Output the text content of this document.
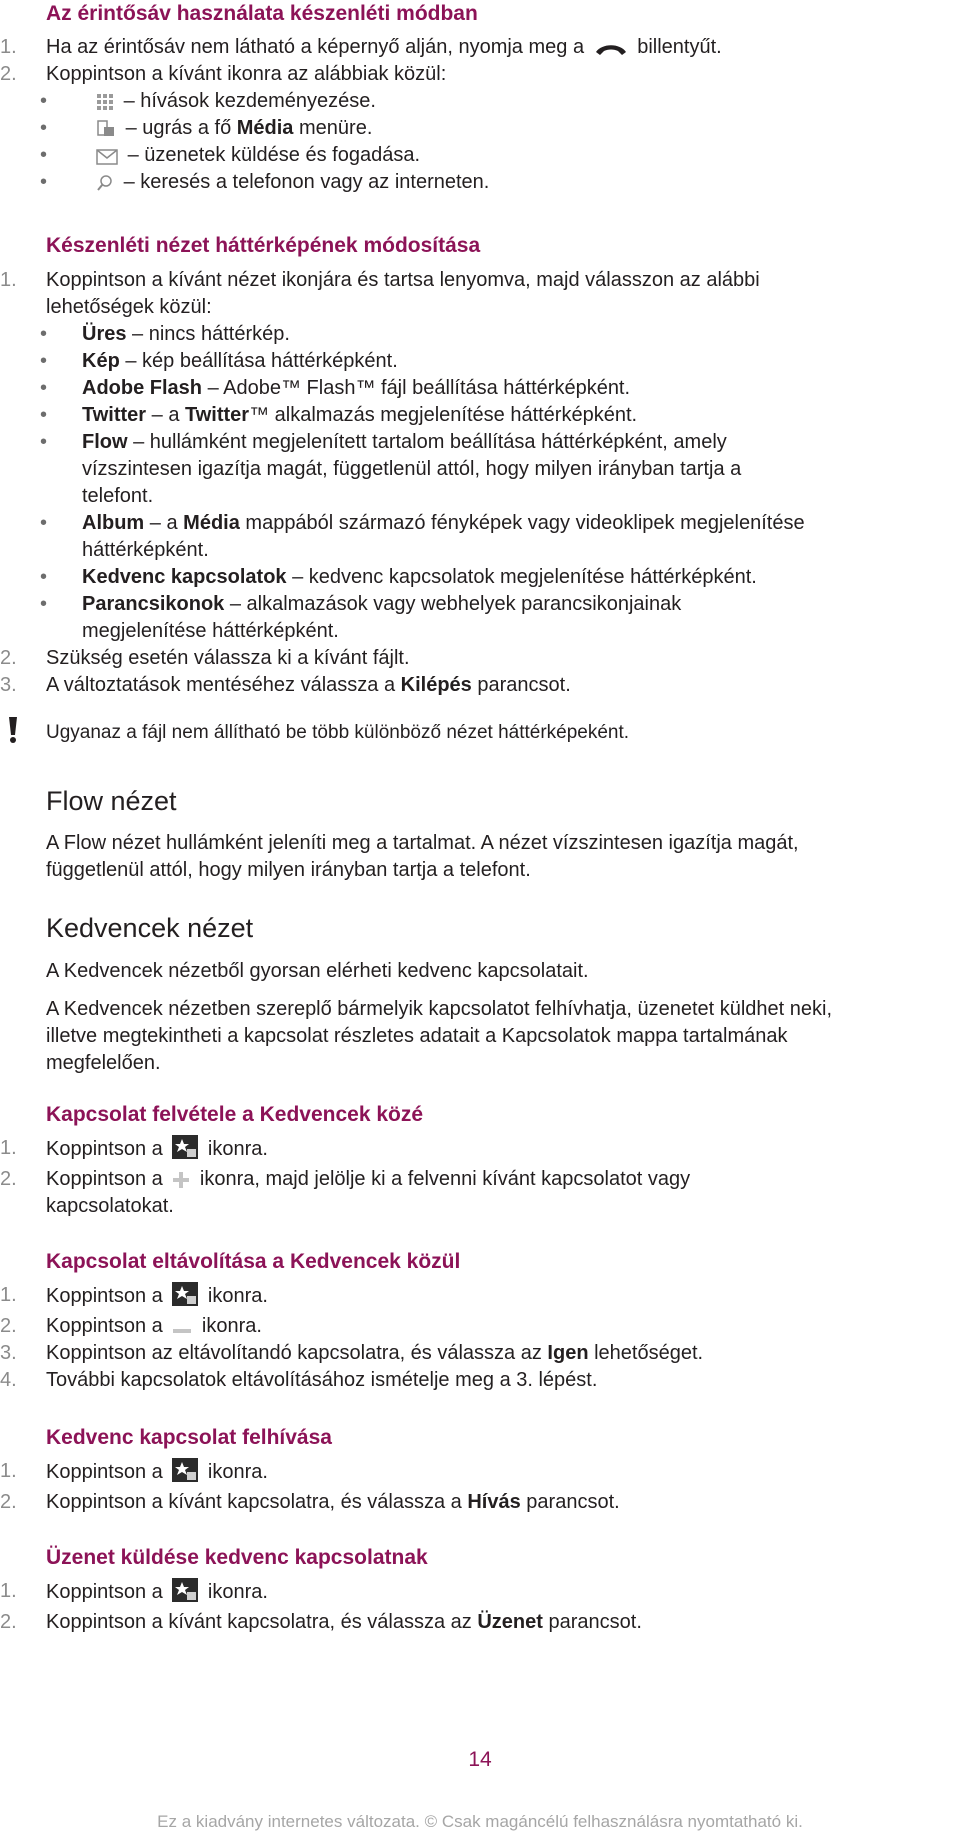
Az érintősáv használata készenléti módban
1.	Ha az érintősáv nem látható a képernyő alján, nyomja meg a	billentyűt.
2.	Koppintson a kívánt ikonra az alábbiak közül:
•	– hívások kezdeményezése.
•	– ugrás a fő Média menüre.
•	– üzenetek küldése és fogadása.
•	– keresés a telefonon vagy az interneten.
Készenléti nézet háttérképének módosítása
1.	Koppintson a kívánt nézet ikonjára és tartsa lenyomva, majd válasszon az alábbi
lehetőségek közül:
•	Üres – nincs háttérkép.
•	Kép – kép beállítása háttérképként.
•	Adobe Flash – Adobe™ Flash™ fájl beállítása háttérképként.
•	Twitter – a Twitter™ alkalmazás megjelenítése háttérképként.
•	Flow – hullámként megjelenített tartalom beállítása háttérképként, amely
vízszintesen igazítja magát, függetlenül attól, hogy milyen irányban tartja a
telefont.
•	Album – a Média mappából származó fényképek vagy videoklipek megjelenítése
háttérképként.
•	Kedvenc kapcsolatok – kedvenc kapcsolatok megjelenítése háttérképként.
•	Parancsikonok – alkalmazások vagy webhelyek parancsikonjainak
megjelenítése háttérképként.
2.	Szükség esetén válassza ki a kívánt fájlt.
3.	A változtatások mentéséhez válassza a Kilépés parancsot.
Ugyanaz a fájl nem állítható be több különböző nézet háttérképeként.
Flow nézet
A Flow nézet hullámként jeleníti meg a tartalmat. A nézet vízszintesen igazítja magát,
függetlenül attól, hogy milyen irányban tartja a telefont.
Kedvencek nézet
A Kedvencek nézetből gyorsan elérheti kedvenc kapcsolatait.
A Kedvencek nézetben szereplő bármelyik kapcsolatot felhívhatja, üzenetet küldhet neki,
illetve megtekintheti a kapcsolat részletes adatait a Kapcsolatok mappa tartalmának
megfelelően.
Kapcsolat felvétele a Kedvencek közé
1.	Koppintson a ikonra.
2.	Koppintson a ikonra, majd jelölje ki a felvenni kívánt kapcsolatot vagy
kapcsolatokat.
Kapcsolat eltávolítása a Kedvencek közül
1.	Koppintson a ikonra.
2.	Koppintson a ikonra.
3.	Koppintson az eltávolítandó kapcsolatra, és válassza az Igen lehetőséget.
4.	További kapcsolatok eltávolításához ismételje meg a 3. lépést.
Kedvenc kapcsolat felhívása
1.	Koppintson a ikonra.
2.	Koppintson a kívánt kapcsolatra, és válassza a Hívás parancsot.
Üzenet küldése kedvenc kapcsolatnak
1.	Koppintson a ikonra.
2.	Koppintson a kívánt kapcsolatra, és válassza az Üzenet parancsot.
14
Ez a kiadvány internetes változata. © Csak magáncélú felhasználásra nyomtatható ki.
